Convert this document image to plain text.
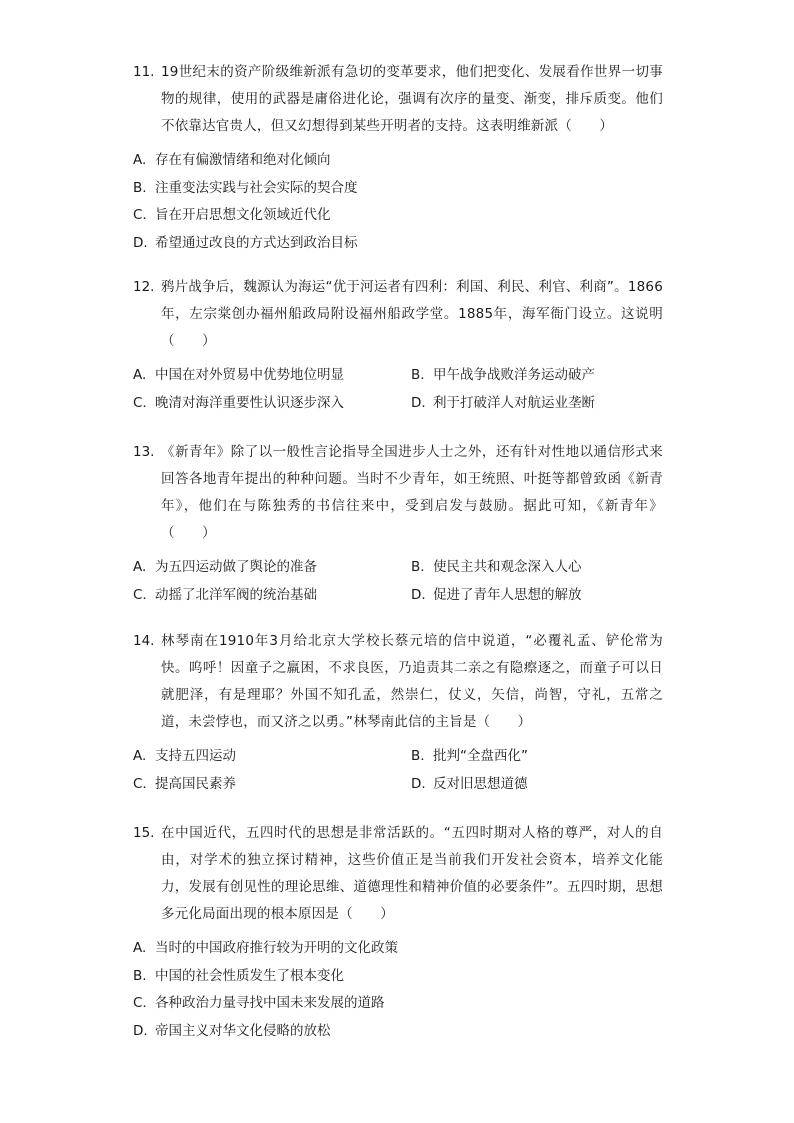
11. 19世纪末的资产阶级维新派有急切的变革要求，他们把变化、发展看作世界一切事物的规律，使用的武器是庸俗进化论，强调有次序的量变、渐变，排斥质变。他们不依靠达官贵人，但又幻想得到某些开明者的支持。这表明维新派（　　）
A. 存在有偏激情绪和绝对化倾向
B. 注重变法实践与社会实际的契合度
C. 旨在开启思想文化领域近代化
D. 希望通过改良的方式达到政治目标
12. 鸦片战争后，魏源认为海运“优于河运者有四利：利国、利民、利官、利商”。1866年，左宗棠创办福州船政局附设福州船政学堂。1885年，海军衙门设立。这说明（　　）
A. 中国在对外贸易中优势地位明显	B. 甲午战争战败洋务运动破产
C. 晚清对海洋重要性认识逐步深入	D. 利于打破洋人对航运业垄断
13. 《新青年》除了以一般性言论指导全国进步人士之外，还有针对性地以通信形式来回答各地青年提出的种种问题。当时不少青年，如王统照、叶挺等都曾致函《新青年》，他们在与陈独秀的书信往来中，受到启发与鼓励。据此可知，《新青年》（　　）
A. 为五四运动做了舆论的准备	B. 使民主共和观念深入人心
C. 动摇了北洋军阀的统治基础	D. 促进了青年人思想的解放
14. 林琴南在1910年3月给北京大学校长蔡元培的信中说道，“必覆礼孟、铲伦常为快。呜呼！因童子之羸困，不求良医，乃追责其二亲之有隐瘵逐之，而童子可以日就肥泽，有是理耶？外国不知孔孟，然崇仁，仗义，矢信，尚智，守礼，五常之道，未尝悖也，而又济之以勇。”林琴南此信的主旨是（　　）
A. 支持五四运动	B. 批判“全盘西化”
C. 提高国民素养	D. 反对旧思想道德
15. 在中国近代，五四时代的思想是非常活跃的。“五四时期对人格的尊严，对人的自由，对学术的独立探讨精神，这些价值正是当前我们开发社会资本，培养文化能力，发展有创见性的理论思维、道德理性和精神价值的必要条件”。五四时期，思想多元化局面出现的根本原因是（　　）
A. 当时的中国政府推行较为开明的文化政策
B. 中国的社会性质发生了根本变化
C. 各种政治力量寻找中国未来发展的道路
D. 帝国主义对华文化侵略的放松
